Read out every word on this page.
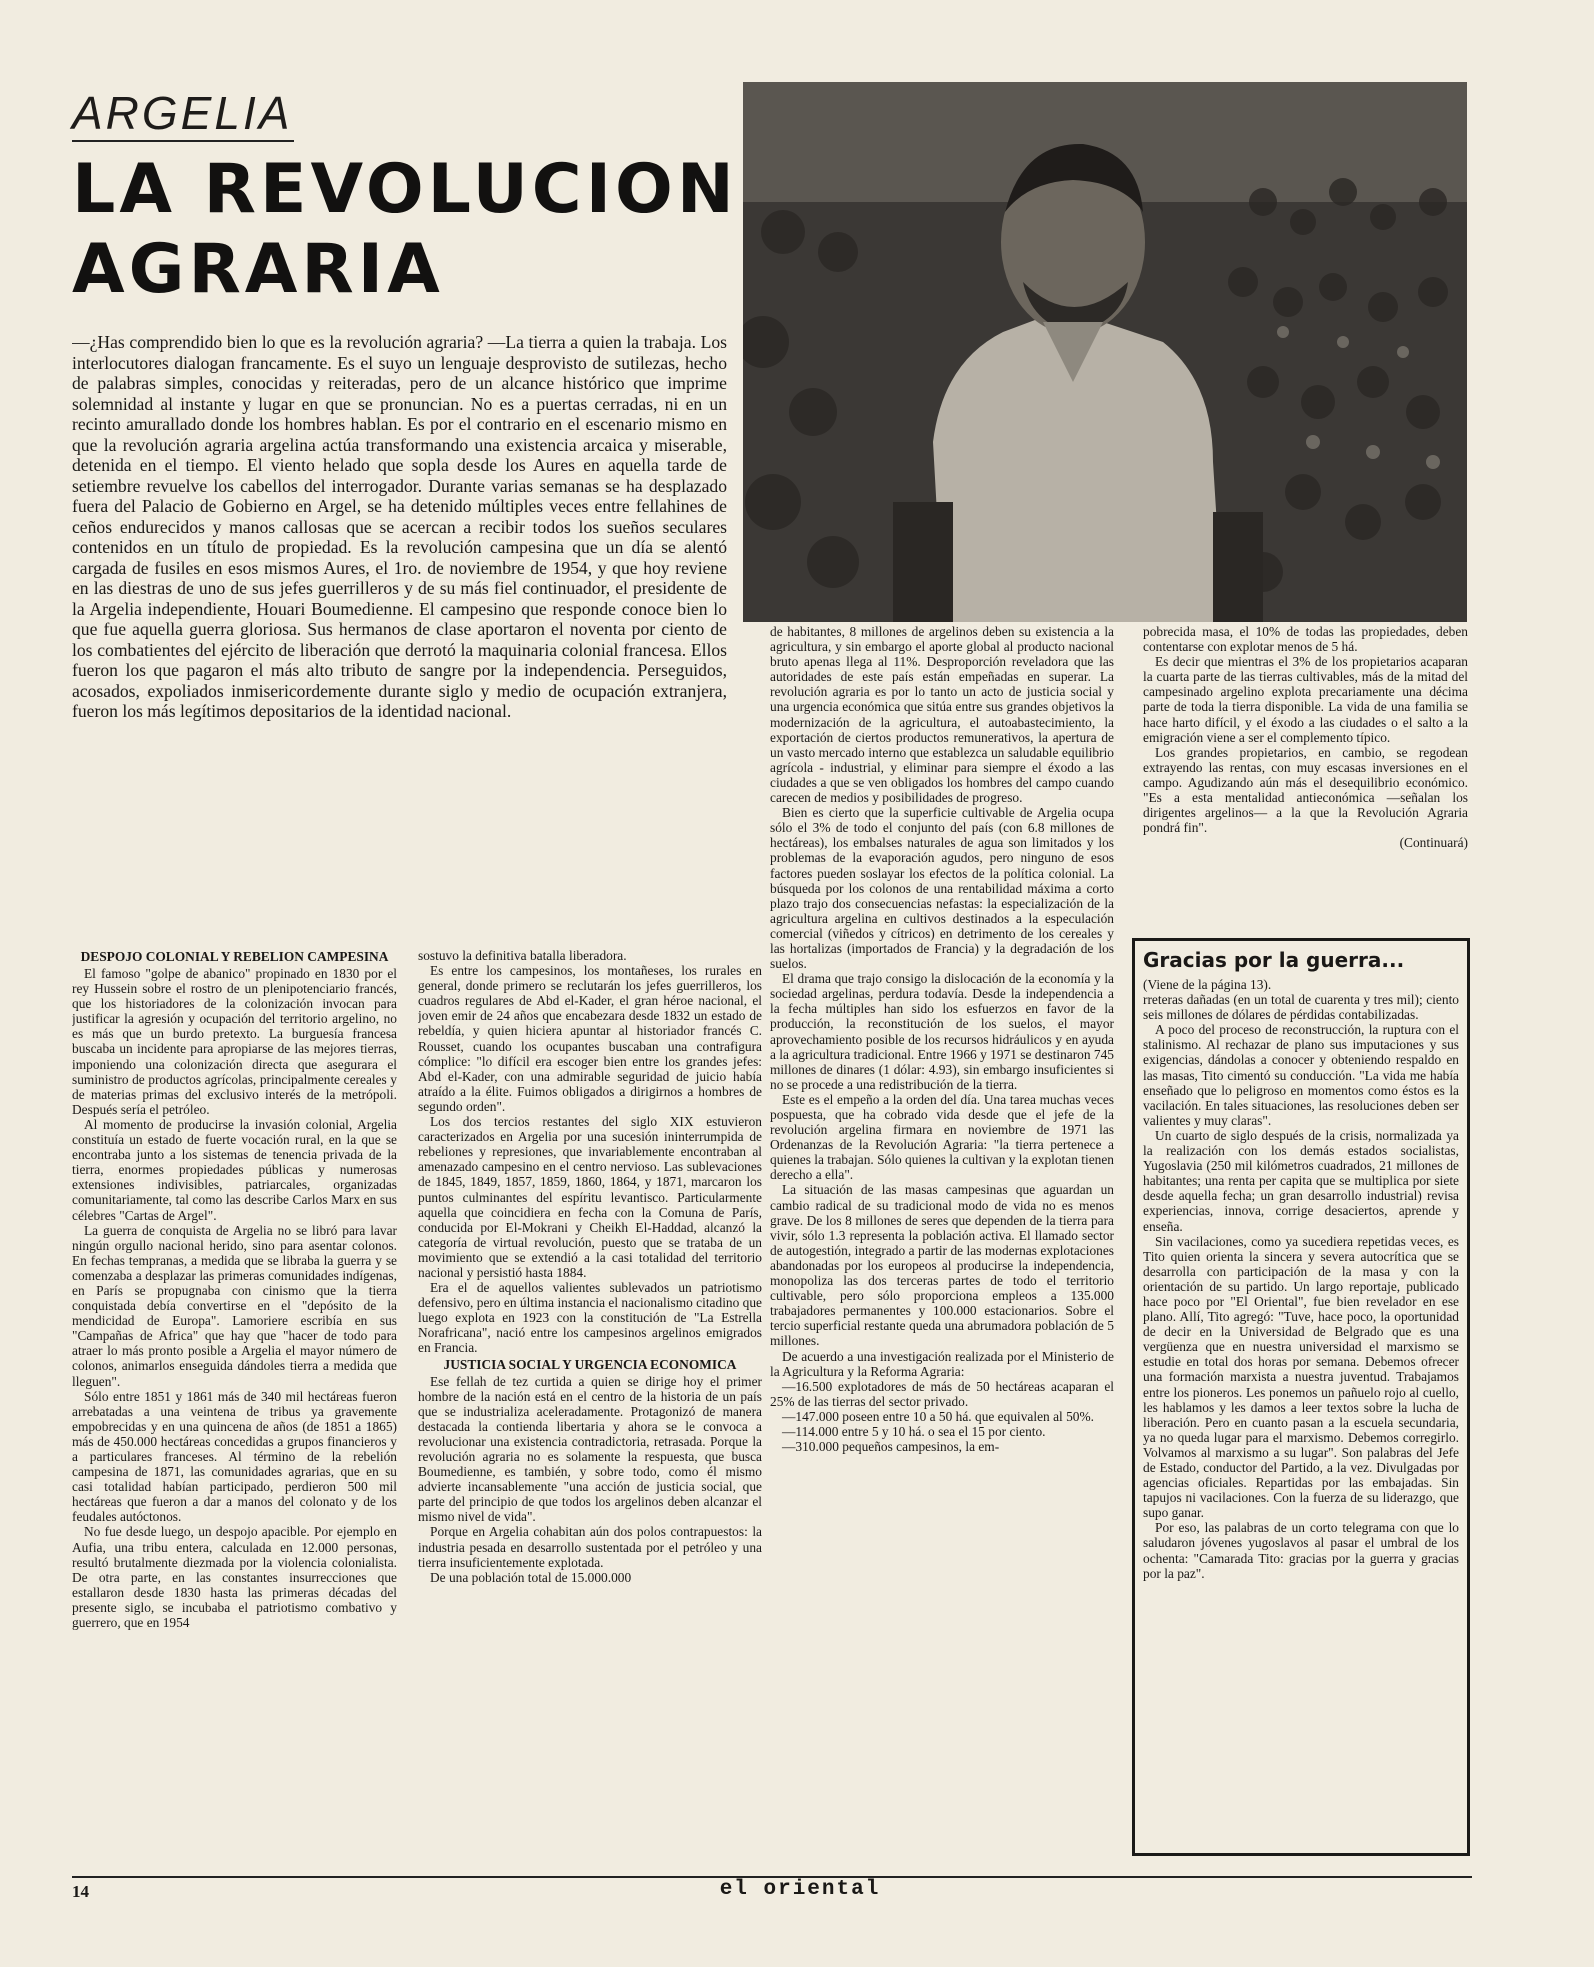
ARGELIA
LA REVOLUCION
AGRARIA

—¿Has comprendido bien lo que es la revolución agraria? —La tierra a quien la trabaja. Los interlocutores dialogan francamente. Es el suyo un lenguaje desprovisto de sutilezas, hecho de palabras simples, conocidas y reiteradas, pero de un alcance histórico que imprime solemnidad al instante y lugar en que se pronuncian. No es a puertas cerradas, ni en un recinto amurallado donde los hombres hablan. Es por el contrario en el escenario mismo en que la revolución agraria argelina actúa transformando una existencia arcaica y miserable, detenida en el tiempo. El viento helado que sopla desde los Aures en aquella tarde de setiembre revuelve los cabellos del interrogador. Durante varias semanas se ha desplazado fuera del Palacio de Gobierno en Argel, se ha detenido múltiples veces entre fellahines de ceños endurecidos y manos callosas que se acercan a recibir todos los sueños seculares contenidos en un título de propiedad. Es la revolución campesina que un día se alentó cargada de fusiles en esos mismos Aures, el 1ro. de noviembre de 1954, y que hoy reviene en las diestras de uno de sus jefes guerrilleros y de su más fiel continuador, el presidente de la Argelia independiente, Houari Boumedienne. El campesino que responde conoce bien lo que fue aquella guerra gloriosa. Sus hermanos de clase aportaron el noventa por ciento de los combatientes del ejército de liberación que derrotó la maquinaria colonial francesa. Ellos fueron los que pagaron el más alto tributo de sangre por la independencia. Perseguidos, acosados, expoliados inmisericordemente durante siglo y medio de ocupación extranjera, fueron los más legítimos depositarios de la identidad nacional.

DESPOJO COLONIAL Y REBELION CAMPESINA

El famoso "golpe de abanico" propinado en 1830 por el rey Hussein sobre el rostro de un plenipotenciario francés, que los historiadores de la colonización invocan para justificar la agresión y ocupación del territorio argelino, no es más que un burdo pretexto. La burguesía francesa buscaba un incidente para apropiarse de las mejores tierras, imponiendo una colonización directa que asegurara el suministro de productos agrícolas, principalmente cereales y de materias primas del exclusivo interés de la metrópoli. Después sería el petróleo.

Al momento de producirse la invasión colonial, Argelia constituía un estado de fuerte vocación rural, en la que se encontraba junto a los sistemas de tenencia privada de la tierra, enormes propiedades públicas y numerosas extensiones indivisibles, patriarcales, organizadas comunitariamente, tal como las describe Carlos Marx en sus célebres "Cartas de Argel".

La guerra de conquista de Argelia no se libró para lavar ningún orgullo nacional herido, sino para asentar colonos. En fechas tempranas, a medida que se libraba la guerra y se comenzaba a desplazar las primeras comunidades indígenas, en París se propugnaba con cinismo que la tierra conquistada debía convertirse en el "depósito de la mendicidad de Europa". Lamoriere escribía en sus "Campañas de Africa" que hay que "hacer de todo para atraer lo más pronto posible a Argelia el mayor número de colonos, animarlos enseguida dándoles tierra a medida que lleguen".

Sólo entre 1851 y 1861 más de 340 mil hectáreas fueron arrebatadas a una veintena de tribus ya gravemente empobrecidas y en una quincena de años (de 1851 a 1865) más de 450.000 hectáreas concedidas a grupos financieros y a particulares franceses. Al término de la rebelión campesina de 1871, las comunidades agrarias, que en su casi totalidad habían participado, perdieron 500 mil hectáreas que fueron a dar a manos del colonato y de los feudales autóctonos.

No fue desde luego, un despojo apacible. Por ejemplo en Aufia, una tribu entera, calculada en 12.000 personas, resultó brutalmente diezmada por la violencia colonialista. De otra parte, en las constantes insurrecciones que estallaron desde 1830 hasta las primeras décadas del presente siglo, se incubaba el patriotismo combativo y guerrero, que en 1954

sostuvo la definitiva batalla liberadora.

Es entre los campesinos, los montañeses, los rurales en general, donde primero se reclutarán los jefes guerrilleros, los cuadros regulares de Abd el-Kader, el gran héroe nacional, el joven emir de 24 años que encabezara desde 1832 un estado de rebeldía, y quien hiciera apuntar al historiador francés C. Rousset, cuando los ocupantes buscaban una contrafigura cómplice: "lo difícil era escoger bien entre los grandes jefes: Abd el-Kader, con una admirable seguridad de juicio había atraído a la élite. Fuimos obligados a dirigirnos a hombres de segundo orden".

Los dos tercios restantes del siglo XIX estuvieron caracterizados en Argelia por una sucesión ininterrumpida de rebeliones y represiones, que invariablemente encontraban al amenazado campesino en el centro nervioso. Las sublevaciones de 1845, 1849, 1857, 1859, 1860, 1864, y 1871, marcaron los puntos culminantes del espíritu levantisco. Particularmente aquella que coincidiera en fecha con la Comuna de París, conducida por El-Mokrani y Cheikh El-Haddad, alcanzó la categoría de virtual revolución, puesto que se trataba de un movimiento que se extendió a la casi totalidad del territorio nacional y persistió hasta 1884.

Era el de aquellos valientes sublevados un patriotismo defensivo, pero en última instancia el nacionalismo citadino que luego explota en 1923 con la constitución de "La Estrella Norafricana", nació entre los campesinos argelinos emigrados en Francia.

JUSTICIA SOCIAL Y URGENCIA ECONOMICA

Ese fellah de tez curtida a quien se dirige hoy el primer hombre de la nación está en el centro de la historia de un país que se industrializa aceleradamente. Protagonizó de manera destacada la contienda libertaria y ahora se le convoca a revolucionar una existencia contradictoria, retrasada. Porque la revolución agraria no es solamente la respuesta, que busca Boumedienne, es también, y sobre todo, como él mismo advierte incansablemente "una acción de justicia social, que parte del principio de que todos los argelinos deben alcanzar el mismo nivel de vida".

Porque en Argelia cohabitan aún dos polos contrapuestos: la industria pesada en desarrollo sustentada por el petróleo y una tierra insuficientemente explotada.

De una población total de 15.000.000

de habitantes, 8 millones de argelinos deben su existencia a la agricultura, y sin embargo el aporte global al producto nacional bruto apenas llega al 11%. Desproporción reveladora que las autoridades de este país están empeñadas en superar. La revolución agraria es por lo tanto un acto de justicia social y una urgencia económica que sitúa entre sus grandes objetivos la modernización de la agricultura, el autoabastecimiento, la exportación de ciertos productos remunerativos, la apertura de un vasto mercado interno que establezca un saludable equilibrio agrícola - industrial, y eliminar para siempre el éxodo a las ciudades a que se ven obligados los hombres del campo cuando carecen de medios y posibilidades de progreso.

Bien es cierto que la superficie cultivable de Argelia ocupa sólo el 3% de todo el conjunto del país (con 6.8 millones de hectáreas), los embalses naturales de agua son limitados y los problemas de la evaporación agudos, pero ninguno de esos factores pueden soslayar los efectos de la política colonial. La búsqueda por los colonos de una rentabilidad máxima a corto plazo trajo dos consecuencias nefastas: la especialización de la agricultura argelina en cultivos destinados a la especulación comercial (viñedos y cítricos) en detrimento de los cereales y las hortalizas (importados de Francia) y la degradación de los suelos.

El drama que trajo consigo la dislocación de la economía y la sociedad argelinas, perdura todavía. Desde la independencia a la fecha múltiples han sido los esfuerzos en favor de la producción, la reconstitución de los suelos, el mayor aprovechamiento posible de los recursos hidráulicos y en ayuda a la agricultura tradicional. Entre 1966 y 1971 se destinaron 745 millones de dinares (1 dólar: 4.93), sin embargo insuficientes si no se procede a una redistribución de la tierra.

Este es el empeño a la orden del día. Una tarea muchas veces pospuesta, que ha cobrado vida desde que el jefe de la revolución argelina firmara en noviembre de 1971 las Ordenanzas de la Revolución Agraria: "la tierra pertenece a quienes la trabajan. Sólo quienes la cultivan y la explotan tienen derecho a ella".

La situación de las masas campesinas que aguardan un cambio radical de su tradicional modo de vida no es menos grave. De los 8 millones de seres que dependen de la tierra para vivir, sólo 1.3 representa la población activa. El llamado sector de autogestión, integrado a partir de las modernas explotaciones abandonadas por los europeos al producirse la independencia, monopoliza las dos terceras partes de todo el territorio cultivable, pero sólo proporciona empleos a 135.000 trabajadores permanentes y 100.000 estacionarios. Sobre el tercio superficial restante queda una abrumadora población de 5 millones.

De acuerdo a una investigación realizada por el Ministerio de la Agricultura y la Reforma Agraria:

—16.500 explotadores de más de 50 hectáreas acaparan el 25% de las tierras del sector privado.

—147.000 poseen entre 10 a 50 há. que equivalen al 50%.

—114.000 entre 5 y 10 há. o sea el 15 por ciento.

—310.000 pequeños campesinos, la em-

pobrecida masa, el 10% de todas las propiedades, deben contentarse con explotar menos de 5 há.

Es decir que mientras el 3% de los propietarios acaparan la cuarta parte de las tierras cultivables, más de la mitad del campesinado argelino explota precariamente una décima parte de toda la tierra disponible. La vida de una familia se hace harto difícil, y el éxodo a las ciudades o el salto a la emigración viene a ser el complemento típico.

Los grandes propietarios, en cambio, se regodean extrayendo las rentas, con muy escasas inversiones en el campo. Agudizando aún más el desequilibrio económico. "Es a esta mentalidad antieconómica —señalan los dirigentes argelinos— a la que la Revolución Agraria pondrá fin".

(Continuará)

Gracias por la guerra...

(Viene de la página 13).

rreteras dañadas (en un total de cuarenta y tres mil); ciento seis millones de dólares de pérdidas contabilizadas.

A poco del proceso de reconstrucción, la ruptura con el stalinismo. Al rechazar de plano sus imputaciones y sus exigencias, dándolas a conocer y obteniendo respaldo en las masas, Tito cimentó su conducción. "La vida me había enseñado que lo peligroso en momentos como éstos es la vacilación. En tales situaciones, las resoluciones deben ser valientes y muy claras".

Un cuarto de siglo después de la crisis, normalizada ya la realización con los demás estados socialistas, Yugoslavia (250 mil kilómetros cuadrados, 21 millones de habitantes; una renta per capita que se multiplica por siete desde aquella fecha; un gran desarrollo industrial) revisa experiencias, innova, corrige desaciertos, aprende y enseña.

Sin vacilaciones, como ya sucediera repetidas veces, es Tito quien orienta la sincera y severa autocrítica que se desarrolla con participación de la masa y con la orientación de su partido. Un largo reportaje, publicado hace poco por "El Oriental", fue bien revelador en ese plano. Allí, Tito agregó: "Tuve, hace poco, la oportunidad de decir en la Universidad de Belgrado que es una vergüenza que en nuestra universidad el marxismo se estudie en total dos horas por semana. Debemos ofrecer una formación marxista a nuestra juventud. Trabajamos entre los pioneros. Les ponemos un pañuelo rojo al cuello, les hablamos y les damos a leer textos sobre la lucha de liberación. Pero en cuanto pasan a la escuela secundaria, ya no queda lugar para el marxismo. Debemos corregirlo. Volvamos al marxismo a su lugar". Son palabras del Jefe de Estado, conductor del Partido, a la vez. Divulgadas por agencias oficiales. Repartidas por las embajadas. Sin tapujos ni vacilaciones. Con la fuerza de su liderazgo, que supo ganar.

Por eso, las palabras de un corto telegrama con que lo saludaron jóvenes yugoslavos al pasar el umbral de los ochenta: "Camarada Tito: gracias por la guerra y gracias por la paz".

14	el oriental
